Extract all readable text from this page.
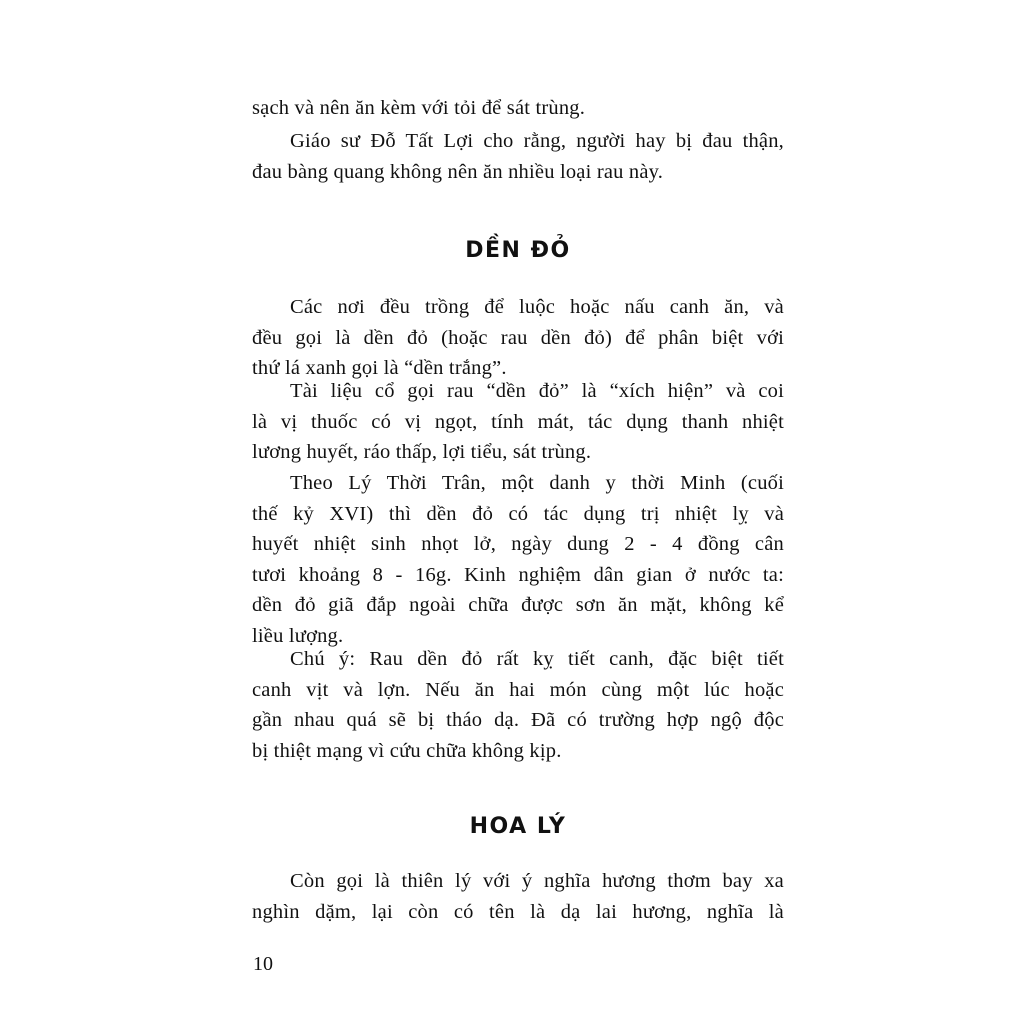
sạch và nên ăn kèm với tỏi để sát trùng.
Giáo sư Đỗ Tất Lợi cho rằng, người hay bị đau thận,
đau bàng quang không nên ăn nhiều loại rau này.
DỀN ĐỎ
Các nơi đều trồng để luộc hoặc nấu canh ăn, và
đều gọi là dền đỏ (hoặc rau dền đỏ) để phân biệt với
thứ lá xanh gọi là “dền trắng”.
Tài liệu cổ gọi rau “dền đỏ” là “xích hiện” và coi
là vị thuốc có vị ngọt, tính mát, tác dụng thanh nhiệt
lương huyết, ráo thấp, lợi tiểu, sát trùng.
Theo Lý Thời Trân, một danh y thời Minh (cuối
thế kỷ XVI) thì dền đỏ có tác dụng trị nhiệt lỵ và
huyết nhiệt sinh nhọt lở, ngày dung 2 - 4 đồng cân
tươi khoảng 8 - 16g. Kinh nghiệm dân gian ở nước ta:
dền đỏ giã đắp ngoài chữa được sơn ăn mặt, không kể
liều lượng.
Chú ý: Rau dền đỏ rất kỵ tiết canh, đặc biệt tiết
canh vịt và lợn. Nếu ăn hai món cùng một lúc hoặc
gần nhau quá sẽ bị tháo dạ. Đã có trường hợp ngộ độc
bị thiệt mạng vì cứu chữa không kịp.
HOA LÝ
Còn gọi là thiên lý với ý nghĩa hương thơm bay xa
nghìn dặm, lại còn có tên là dạ lai hương, nghĩa là
10
